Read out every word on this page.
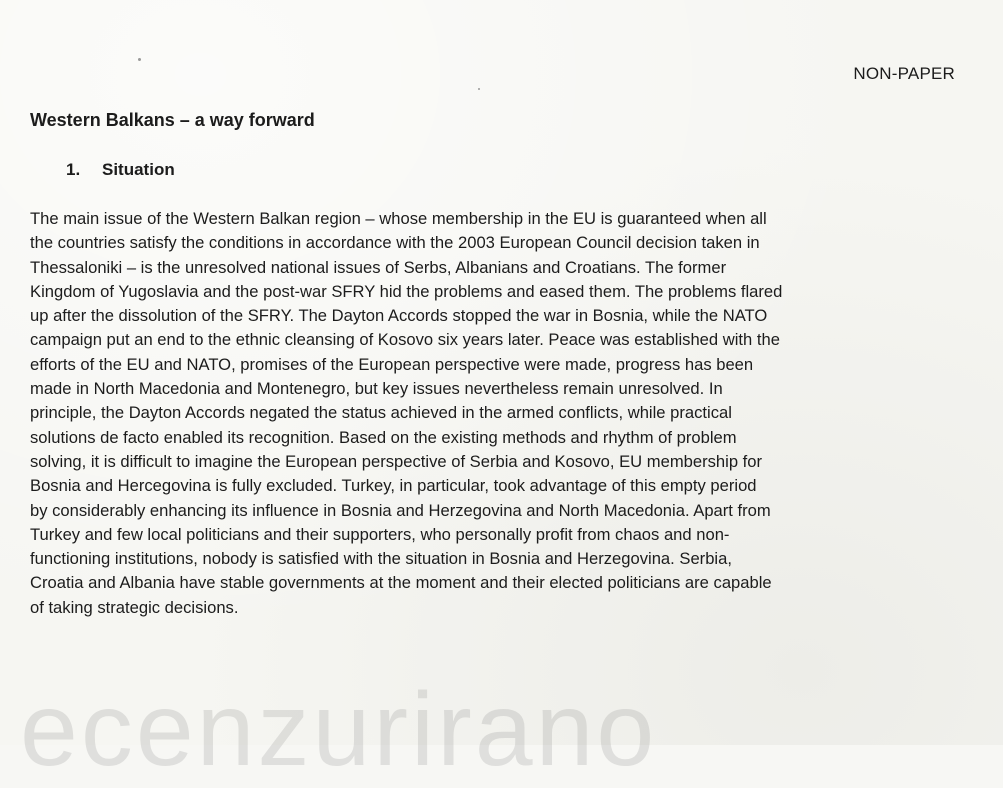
NON-PAPER

Western Balkans – a way forward
1. Situation

The main issue of the Western Balkan region – whose membership in the EU is guaranteed when all
the countries satisfy the conditions in accordance with the 2003 European Council decision taken in
Thessaloniki – is the unresolved national issues of Serbs, Albanians and Croatians. The former
Kingdom of Yugoslavia and the post-war SFRY hid the problems and eased them. The problems flared
up after the dissolution of the SFRY. The Dayton Accords stopped the war in Bosnia, while the NATO
campaign put an end to the ethnic cleansing of Kosovo six years later. Peace was established with the
efforts of the EU and NATO, promises of the European perspective were made, progress has been
made in North Macedonia and Montenegro, but key issues nevertheless remain unresolved. In
principle, the Dayton Accords negated the status achieved in the armed conflicts, while practical
solutions de facto enabled its recognition. Based on the existing methods and rhythm of problem
solving, it is difficult to imagine the European perspective of Serbia and Kosovo, EU membership for
Bosnia and Hercegovina is fully excluded. Turkey, in particular, took advantage of this empty period
by considerably enhancing its influence in Bosnia and Herzegovina and North Macedonia. Apart from
Turkey and few local politicians and their supporters, who personally profit from chaos and non-
functioning institutions, nobody is satisfied with the situation in Bosnia and Herzegovina. Serbia,
Croatia and Albania have stable governments at the moment and their elected politicians are capable
of taking strategic decisions.

ecenzurirano
